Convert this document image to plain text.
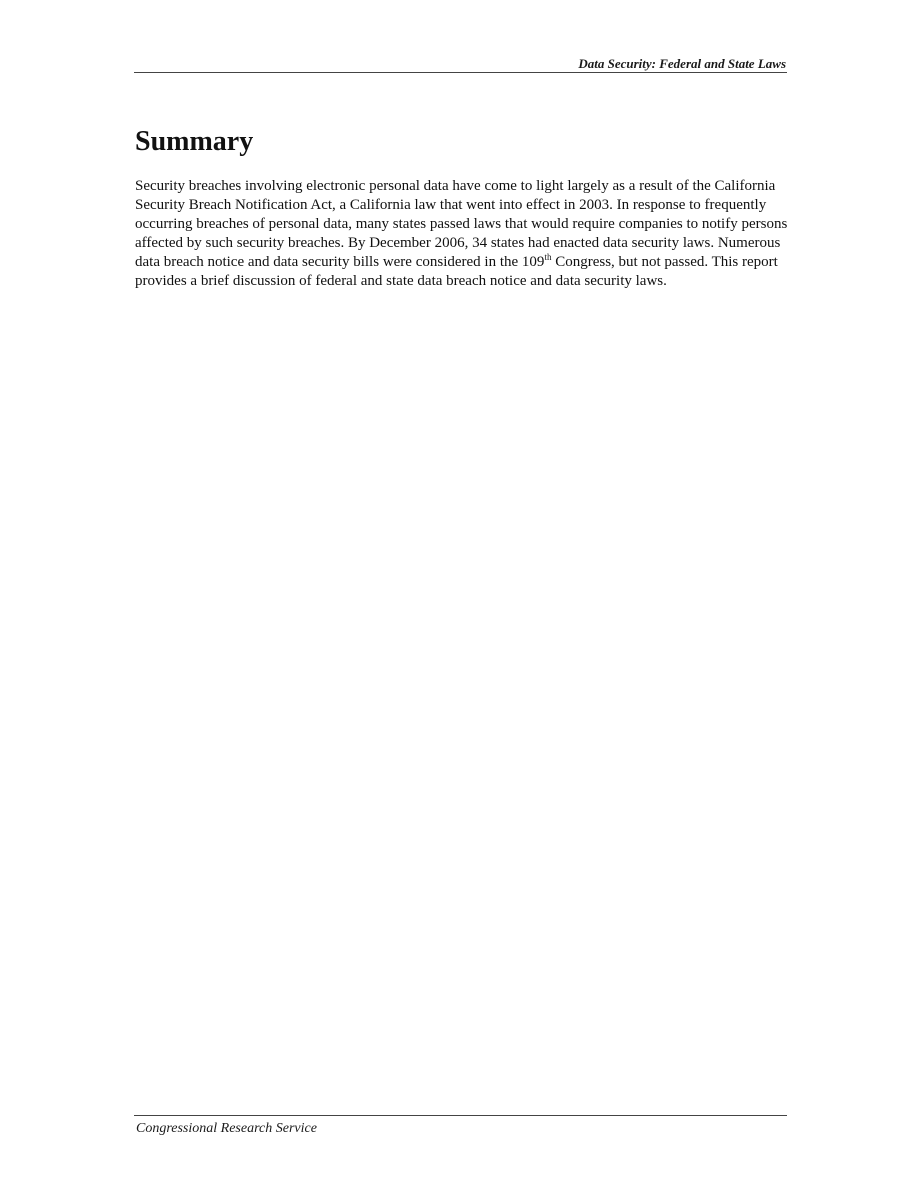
Data Security: Federal and State Laws
Summary

Security breaches involving electronic personal data have come to light largely as a result of the California Security Breach Notification Act, a California law that went into effect in 2003. In response to frequently occurring breaches of personal data, many states passed laws that would require companies to notify persons affected by such security breaches. By December 2006, 34 states had enacted data security laws. Numerous data breach notice and data security bills were considered in the 109th Congress, but not passed. This report provides a brief discussion of federal and state data breach notice and data security laws.

Congressional Research Service
